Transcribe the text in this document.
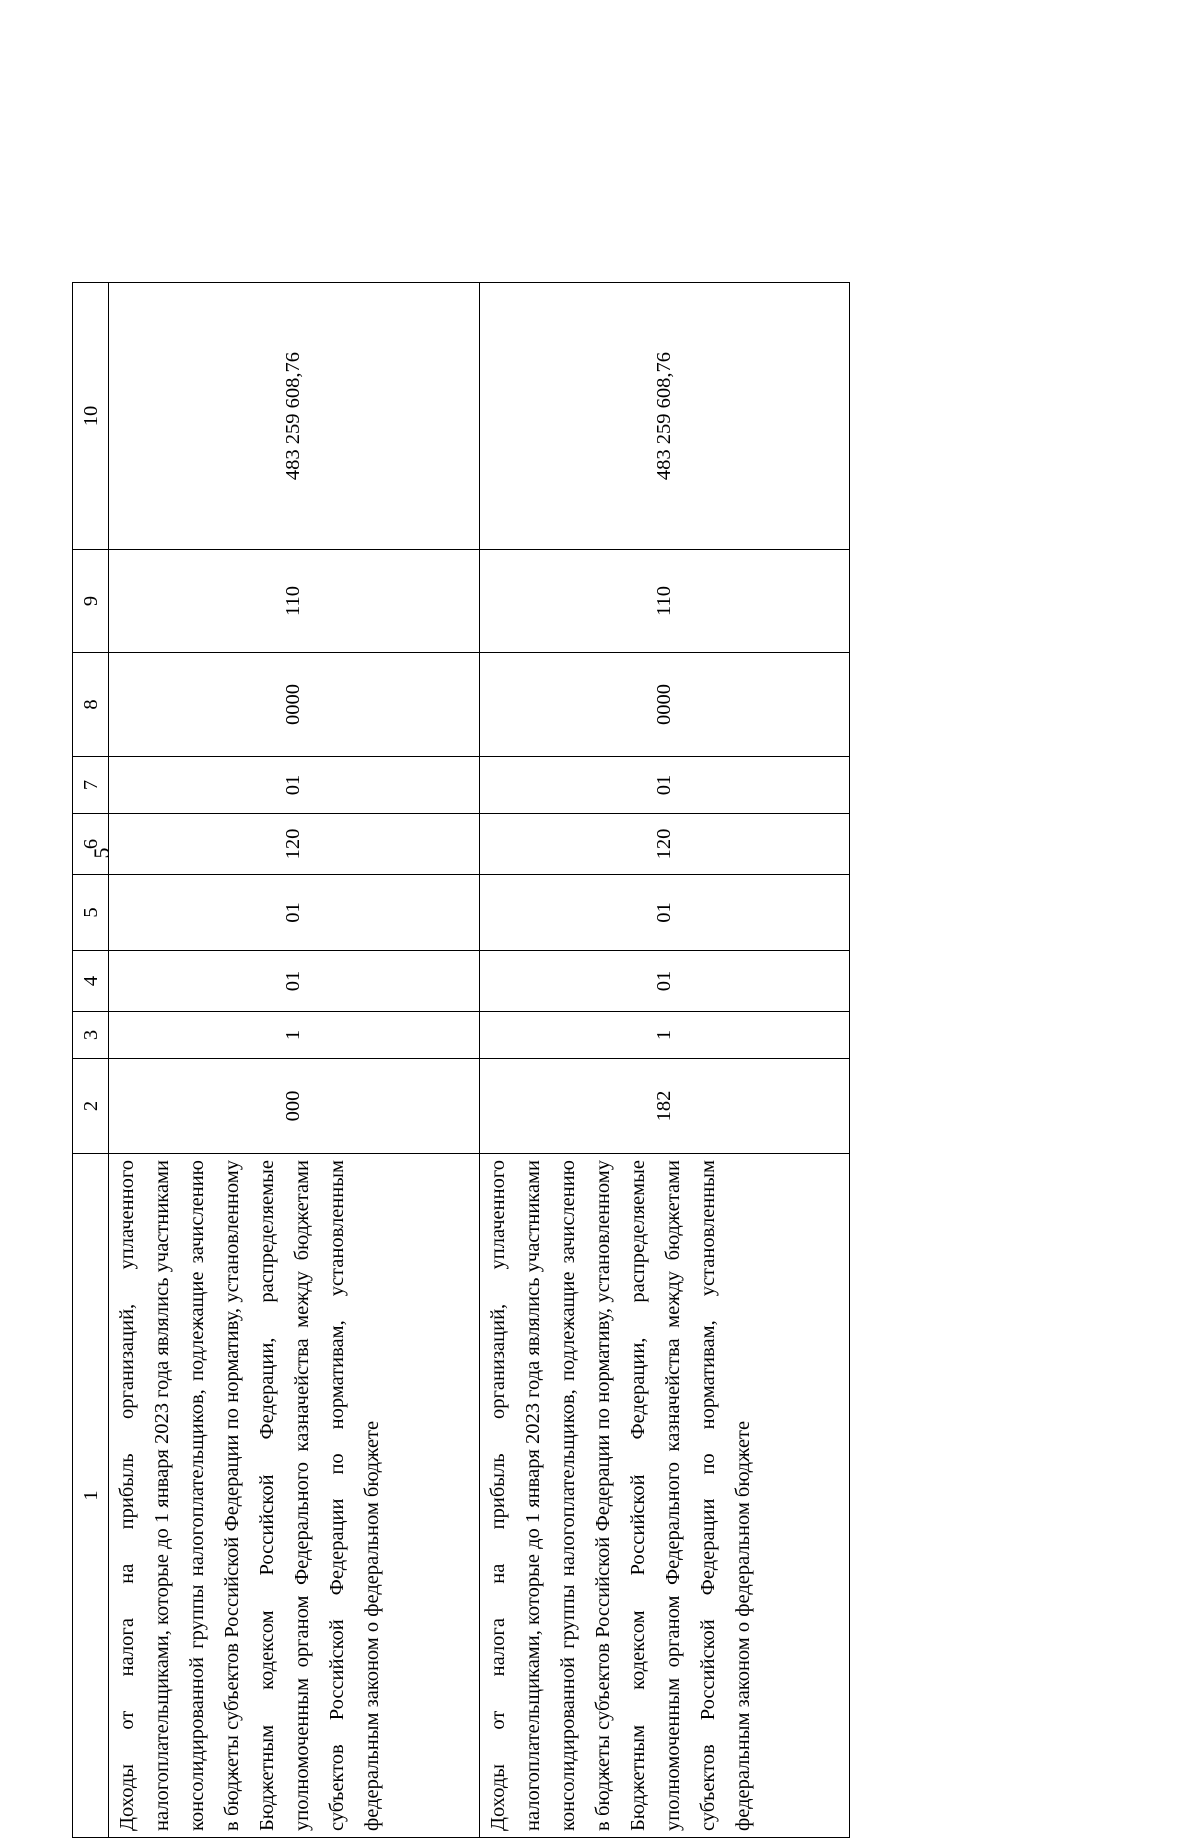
5
1	2	3	4	5	6	7	8	9	10

Доходы от налога на прибыль организаций, уплаченного налогоплательщиками, которые до 1 января 2023 года являлись участниками консолидированной группы налогоплательщиков, подлежащие зачислению в бюджеты субъектов Российской Федерации по нормативу, установленному Бюджетным кодексом Российской Федерации, распределяемые уполномоченным органом Федерального казначейства между бюджетами субъектов Российской Федерации по нормативам, установленным федеральным законом о федеральном бюджете	000	1	01	01	120	01	0000	110	483 259 608,76

Доходы от налога на прибыль организаций, уплаченного налогоплательщиками, которые до 1 января 2023 года являлись участниками консолидированной группы налогоплательщиков, подлежащие зачислению в бюджеты субъектов Российской Федерации по нормативу, установленному Бюджетным кодексом Российской Федерации, распределяемые уполномоченным органом Федерального казначейства между бюджетами субъектов Российской Федерации по нормативам, установленным федеральным законом о федеральном бюджете	182	1	01	01	120	01	0000	110	483 259 608,76
